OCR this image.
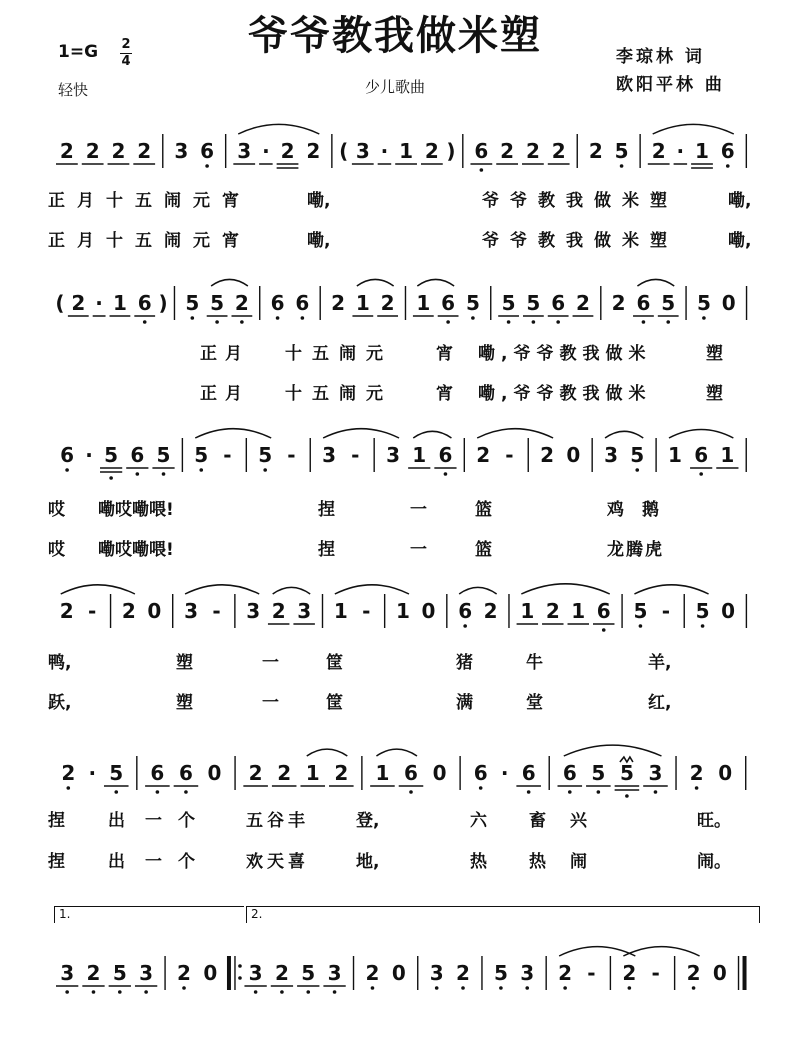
爷爷教我做米塑
1=G 2
4
轻快	少儿歌曲
李琼林 词
欧阳平林 曲
2 2 2 2 3 6 3 · 2 2 ( 3 · 1 2 ) 6 2 2 2 2 5 2 · 1 6
( 2 · 1 6 ) 5 5 2 6 6 2 1 2 1 6 5 5 5 6 2 2 6 5 5 0
6 · 5 6 5 5 - 5 - 3 - 3 1 6 2 - 2 0 3 5 1 6 1
2 - 2 0 3 - 3 2 3 1 - 1 0 6 2 1 2 1 6 5 - 5 0
2 · 5 6 6 0 2 2 1 2 1 6 0 6 · 6 6 5 5 3 2 0
3 2 5 3 2 0 3 2 5 3 2 0 3 2 5 3 2 - 2 - 2 0
1.	2.
正月十五闹元宵	嘞,	爷爷教我做米塑	嘞,
正月十五闹元宵	嘞,	爷爷教我做米塑	嘞,
正月 十五闹元	宵 嘞,爷爷教我做米	塑
正月 十五闹元	宵 嘞,爷爷教我做米	塑
哎 嘞哎嘞喂!	捏	一	篮	鸡鹅
哎 嘞哎嘞喂!	捏	一	篮	龙腾虎
鸭,	塑	一	筐	猪	牛	羊,
跃,	塑	一	筐	满	堂	红,
捏	出 一个 五谷丰	登,	六 畜兴	旺。
捏	出 一个 欢天喜	地,	热 热闹	闹。
